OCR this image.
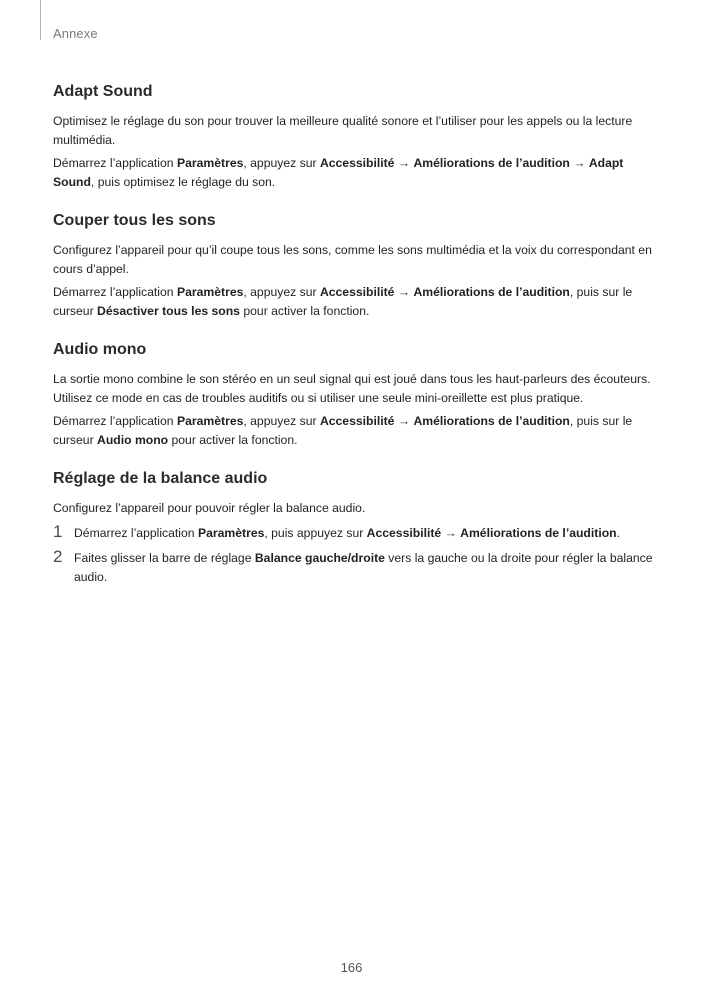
Annexe
Adapt Sound

Optimisez le réglage du son pour trouver la meilleure qualité sonore et l’utiliser pour les appels ou la lecture multimédia.

Démarrez l’application Paramètres, appuyez sur Accessibilité → Améliorations de l’audition → Adapt Sound, puis optimisez le réglage du son.

Couper tous les sons

Configurez l’appareil pour qu’il coupe tous les sons, comme les sons multimédia et la voix du correspondant en cours d’appel.

Démarrez l’application Paramètres, appuyez sur Accessibilité → Améliorations de l’audition, puis sur le curseur Désactiver tous les sons pour activer la fonction.

Audio mono

La sortie mono combine le son stéréo en un seul signal qui est joué dans tous les haut-parleurs des écouteurs. Utilisez ce mode en cas de troubles auditifs ou si utiliser une seule mini-oreillette est plus pratique.

Démarrez l’application Paramètres, appuyez sur Accessibilité → Améliorations de l’audition, puis sur le curseur Audio mono pour activer la fonction.

Réglage de la balance audio

Configurez l’appareil pour pouvoir régler la balance audio.

1 Démarrez l’application Paramètres, puis appuyez sur Accessibilité → Améliorations de l’audition.
2 Faites glisser la barre de réglage Balance gauche/droite vers la gauche ou la droite pour régler la balance audio.
166
